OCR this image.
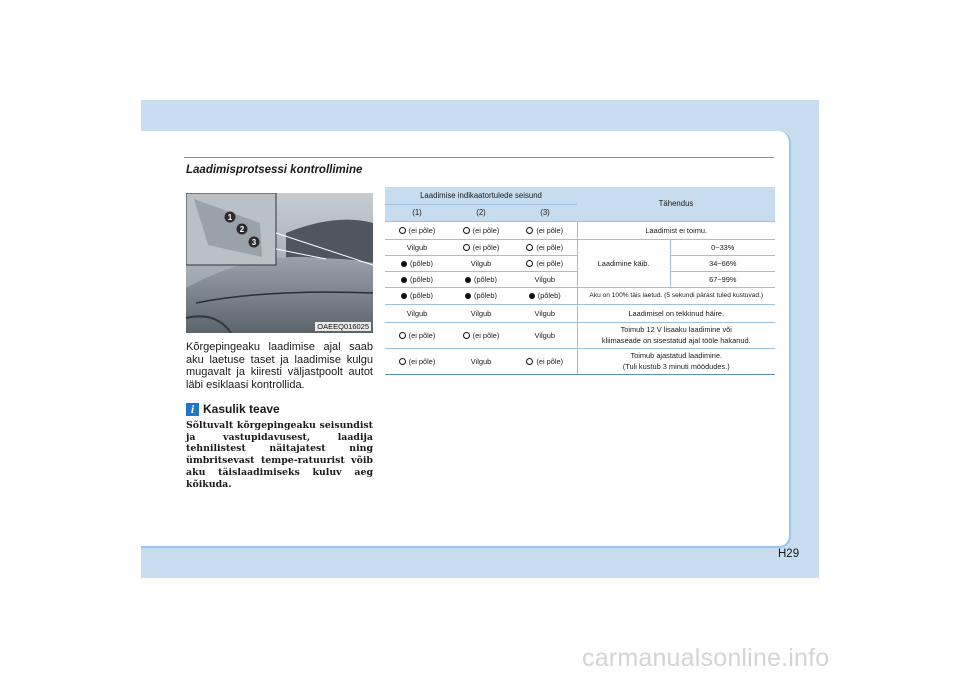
Laadimisprotsessi kontrollimine
1
2
3
OAEEQ016025
Kõrgepingeaku laadimise ajal saab aku laetuse taset ja laadimise kulgu mugavalt ja kiiresti väljastpoolt autot läbi esiklaasi kontrollida.
i Kasulik teave
Sõltuvalt kõrgepingeaku seisundist ja vastupidavusest, laadija tehnilistest näitajatest ning ümbritsevast tempe-ratuurist võib aku täislaadimiseks kuluv aeg kõikuda.
Laadimise indikaatortulede seisund			Tähendus	
(1)	(2)	(3)		
(ei põle)	(ei põle)	(ei põle)	Laadimist ei toimu.	
Vilgub	(ei põle)	(ei põle)	Laadimine käib.	0~33%
(põleb)	Vilgub	(ei põle)		34~66%
(põleb)	(põleb)	Vilgub		67~99%
(põleb)	(põleb)	(põleb)	Aku on 100% täis laetud. (5 sekundi pärast tuled kustuvad.)	
Vilgub	Vilgub	Vilgub	Laadimisel on tekkinud häire.	
(ei põle)	(ei põle)	Vilgub	Toimub 12 V lisaaku laadimine või
kliimaseade on sisestatud ajal tööle hakanud.	

(ei põle)	Vilgub	(ei põle)	Toimub ajastatud laadimine.
(Tuli kustub 3 minuti möödudes.)	
H29
carmanualsonline.info
